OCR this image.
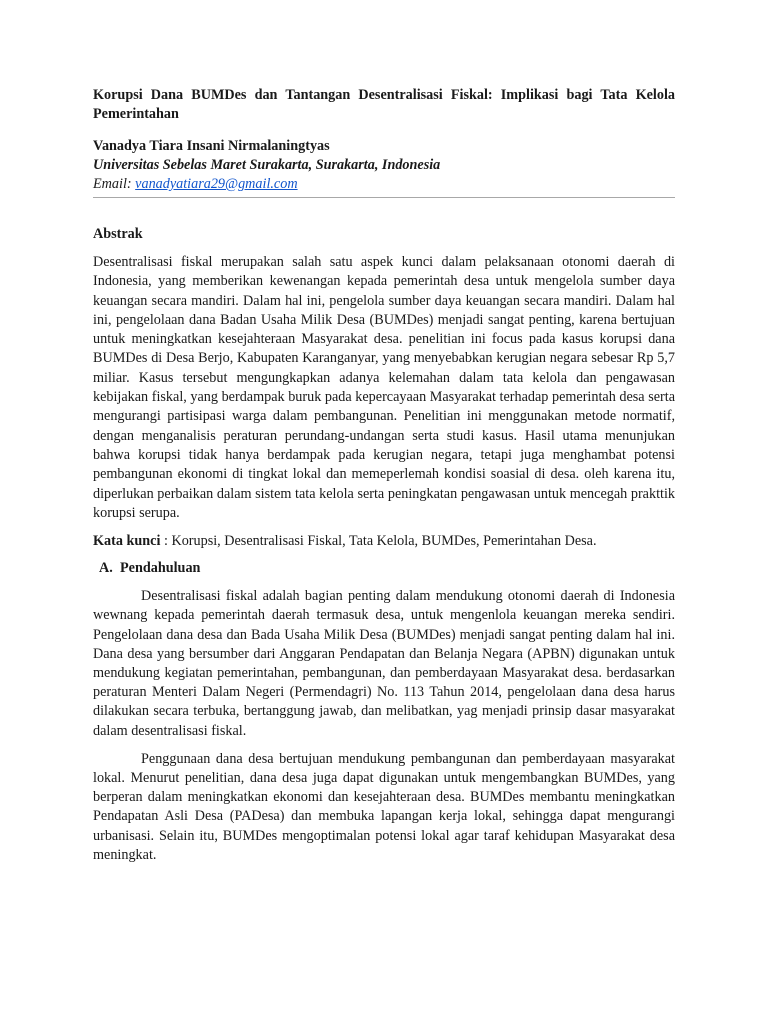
Korupsi Dana BUMDes dan Tantangan Desentralisasi Fiskal: Implikasi bagi Tata Kelola Pemerintahan

Vanadya Tiara Insani Nirmalaningtyas

Universitas Sebelas Maret Surakarta, Surakarta, Indonesia

Email: vanadyatiara29@gmail.com

Abstrak

Desentralisasi fiskal merupakan salah satu aspek kunci dalam pelaksanaan otonomi daerah di Indonesia, yang memberikan kewenangan kepada pemerintah desa untuk mengelola sumber daya keuangan secara mandiri. Dalam hal ini, pengelola sumber daya keuangan secara mandiri. Dalam hal ini, pengelolaan dana Badan Usaha Milik Desa (BUMDes) menjadi sangat penting, karena bertujuan untuk meningkatkan kesejahteraan Masyarakat desa. penelitian ini focus pada kasus korupsi dana BUMDes di Desa Berjo, Kabupaten Karanganyar, yang menyebabkan kerugian negara sebesar Rp 5,7 miliar. Kasus tersebut mengungkapkan adanya kelemahan dalam tata kelola dan pengawasan kebijakan fiskal, yang berdampak buruk pada kepercayaan Masyarakat terhadap pemerintah desa serta mengurangi partisipasi warga dalam pembangunan. Penelitian ini menggunakan metode normatif, dengan menganalisis peraturan perundang-undangan serta studi kasus. Hasil utama menunjukan bahwa korupsi tidak hanya berdampak pada kerugian negara, tetapi juga menghambat potensi pembangunan ekonomi di tingkat lokal dan memeperlemah kondisi soasial di desa. oleh karena itu, diperlukan perbaikan dalam sistem tata kelola serta peningkatan pengawasan untuk mencegah prakttik korupsi serupa.

Kata kunci : Korupsi, Desentralisasi Fiskal, Tata Kelola, BUMDes, Pemerintahan Desa.

A. Pendahuluan

Desentralisasi fiskal adalah bagian penting dalam mendukung otonomi daerah di Indonesia wewnang kepada pemerintah daerah termasuk desa, untuk mengenlola keuangan mereka sendiri. Pengelolaan dana desa dan Bada Usaha Milik Desa (BUMDes) menjadi sangat penting dalam hal ini. Dana desa yang bersumber dari Anggaran Pendapatan dan Belanja Negara (APBN) digunakan untuk mendukung kegiatan pemerintahan, pembangunan, dan pemberdayaan Masyarakat desa. berdasarkan peraturan Menteri Dalam Negeri (Permendagri) No. 113 Tahun 2014, pengelolaan dana desa harus dilakukan secara terbuka, bertanggung jawab, dan melibatkan, yag menjadi prinsip dasar masyarakat dalam desentralisasi fiskal.

Penggunaan dana desa bertujuan mendukung pembangunan dan pemberdayaan masyarakat lokal. Menurut penelitian, dana desa juga dapat digunakan untuk mengembangkan BUMDes, yang berperan dalam meningkatkan ekonomi dan kesejahteraan desa. BUMDes membantu meningkatkan Pendapatan Asli Desa (PADesa) dan membuka lapangan kerja lokal, sehingga dapat mengurangi urbanisasi. Selain itu, BUMDes mengoptimalan potensi lokal agar taraf kehidupan Masyarakat desa meningkat.
